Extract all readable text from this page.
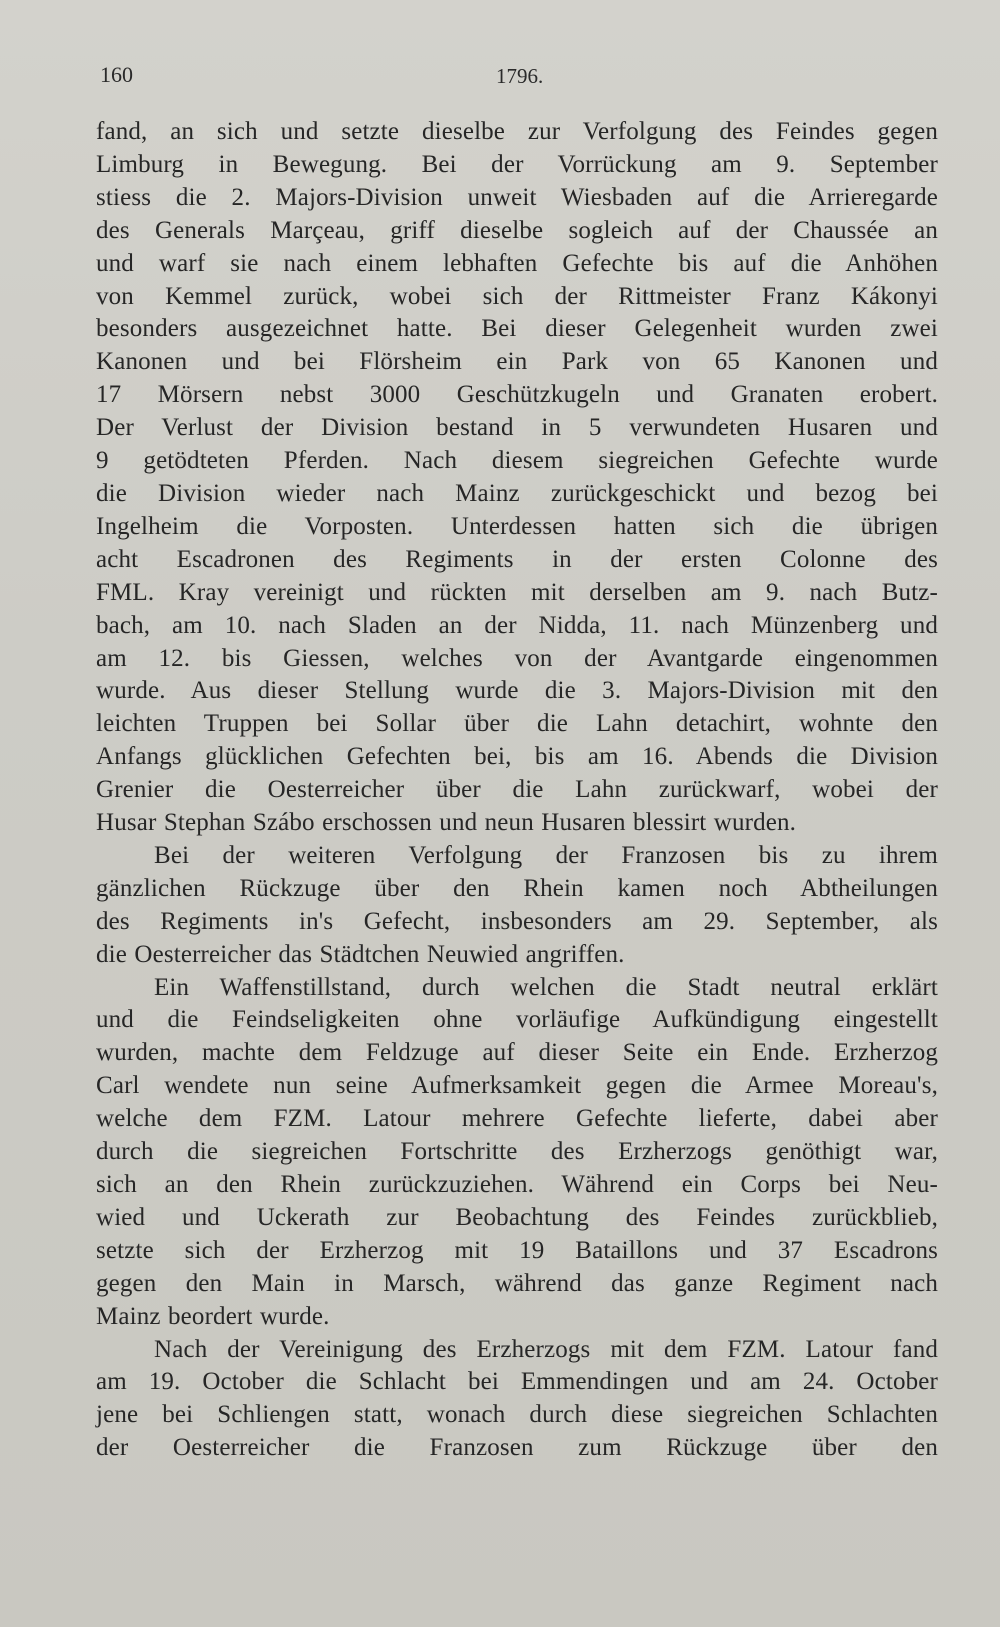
160	1796.
fand, an sich und setzte dieselbe zur Verfolgung des Feindes gegen
Limburg in Bewegung. Bei der Vorrückung am 9. September
stiess die 2. Majors-Division unweit Wiesbaden auf die Arrieregarde
des Generals Marçeau, griff dieselbe sogleich auf der Chaussée an
und warf sie nach einem lebhaften Gefechte bis auf die Anhöhen
von Kemmel zurück, wobei sich der Rittmeister Franz Kákonyi
besonders ausgezeichnet hatte. Bei dieser Gelegenheit wurden zwei
Kanonen und bei Flörsheim ein Park von 65 Kanonen und
17 Mörsern nebst 3000 Geschützkugeln und Granaten erobert.
Der Verlust der Division bestand in 5 verwundeten Husaren und
9 getödteten Pferden. Nach diesem siegreichen Gefechte wurde
die Division wieder nach Mainz zurückgeschickt und bezog bei
Ingelheim die Vorposten. Unterdessen hatten sich die übrigen
acht Escadronen des Regiments in der ersten Colonne des
FML. Kray vereinigt und rückten mit derselben am 9. nach Butz-
bach, am 10. nach Sladen an der Nidda, 11. nach Münzenberg und
am 12. bis Giessen, welches von der Avantgarde eingenommen
wurde. Aus dieser Stellung wurde die 3. Majors-Division mit den
leichten Truppen bei Sollar über die Lahn detachirt, wohnte den
Anfangs glücklichen Gefechten bei, bis am 16. Abends die Division
Grenier die Oesterreicher über die Lahn zurückwarf, wobei der
Husar Stephan Szábo erschossen und neun Husaren blessirt wurden.
Bei der weiteren Verfolgung der Franzosen bis zu ihrem
gänzlichen Rückzuge über den Rhein kamen noch Abtheilungen
des Regiments in's Gefecht, insbesonders am 29. September, als
die Oesterreicher das Städtchen Neuwied angriffen.
Ein Waffenstillstand, durch welchen die Stadt neutral erklärt
und die Feindseligkeiten ohne vorläufige Aufkündigung eingestellt
wurden, machte dem Feldzuge auf dieser Seite ein Ende. Erzherzog
Carl wendete nun seine Aufmerksamkeit gegen die Armee Moreau's,
welche dem FZM. Latour mehrere Gefechte lieferte, dabei aber
durch die siegreichen Fortschritte des Erzherzogs genöthigt war,
sich an den Rhein zurückzuziehen. Während ein Corps bei Neu-
wied und Uckerath zur Beobachtung des Feindes zurückblieb,
setzte sich der Erzherzog mit 19 Bataillons und 37 Escadrons
gegen den Main in Marsch, während das ganze Regiment nach
Mainz beordert wurde.
Nach der Vereinigung des Erzherzogs mit dem FZM. Latour fand
am 19. October die Schlacht bei Emmendingen und am 24. October
jene bei Schliengen statt, wonach durch diese siegreichen Schlachten
der Oesterreicher die Franzosen zum Rückzuge über den
